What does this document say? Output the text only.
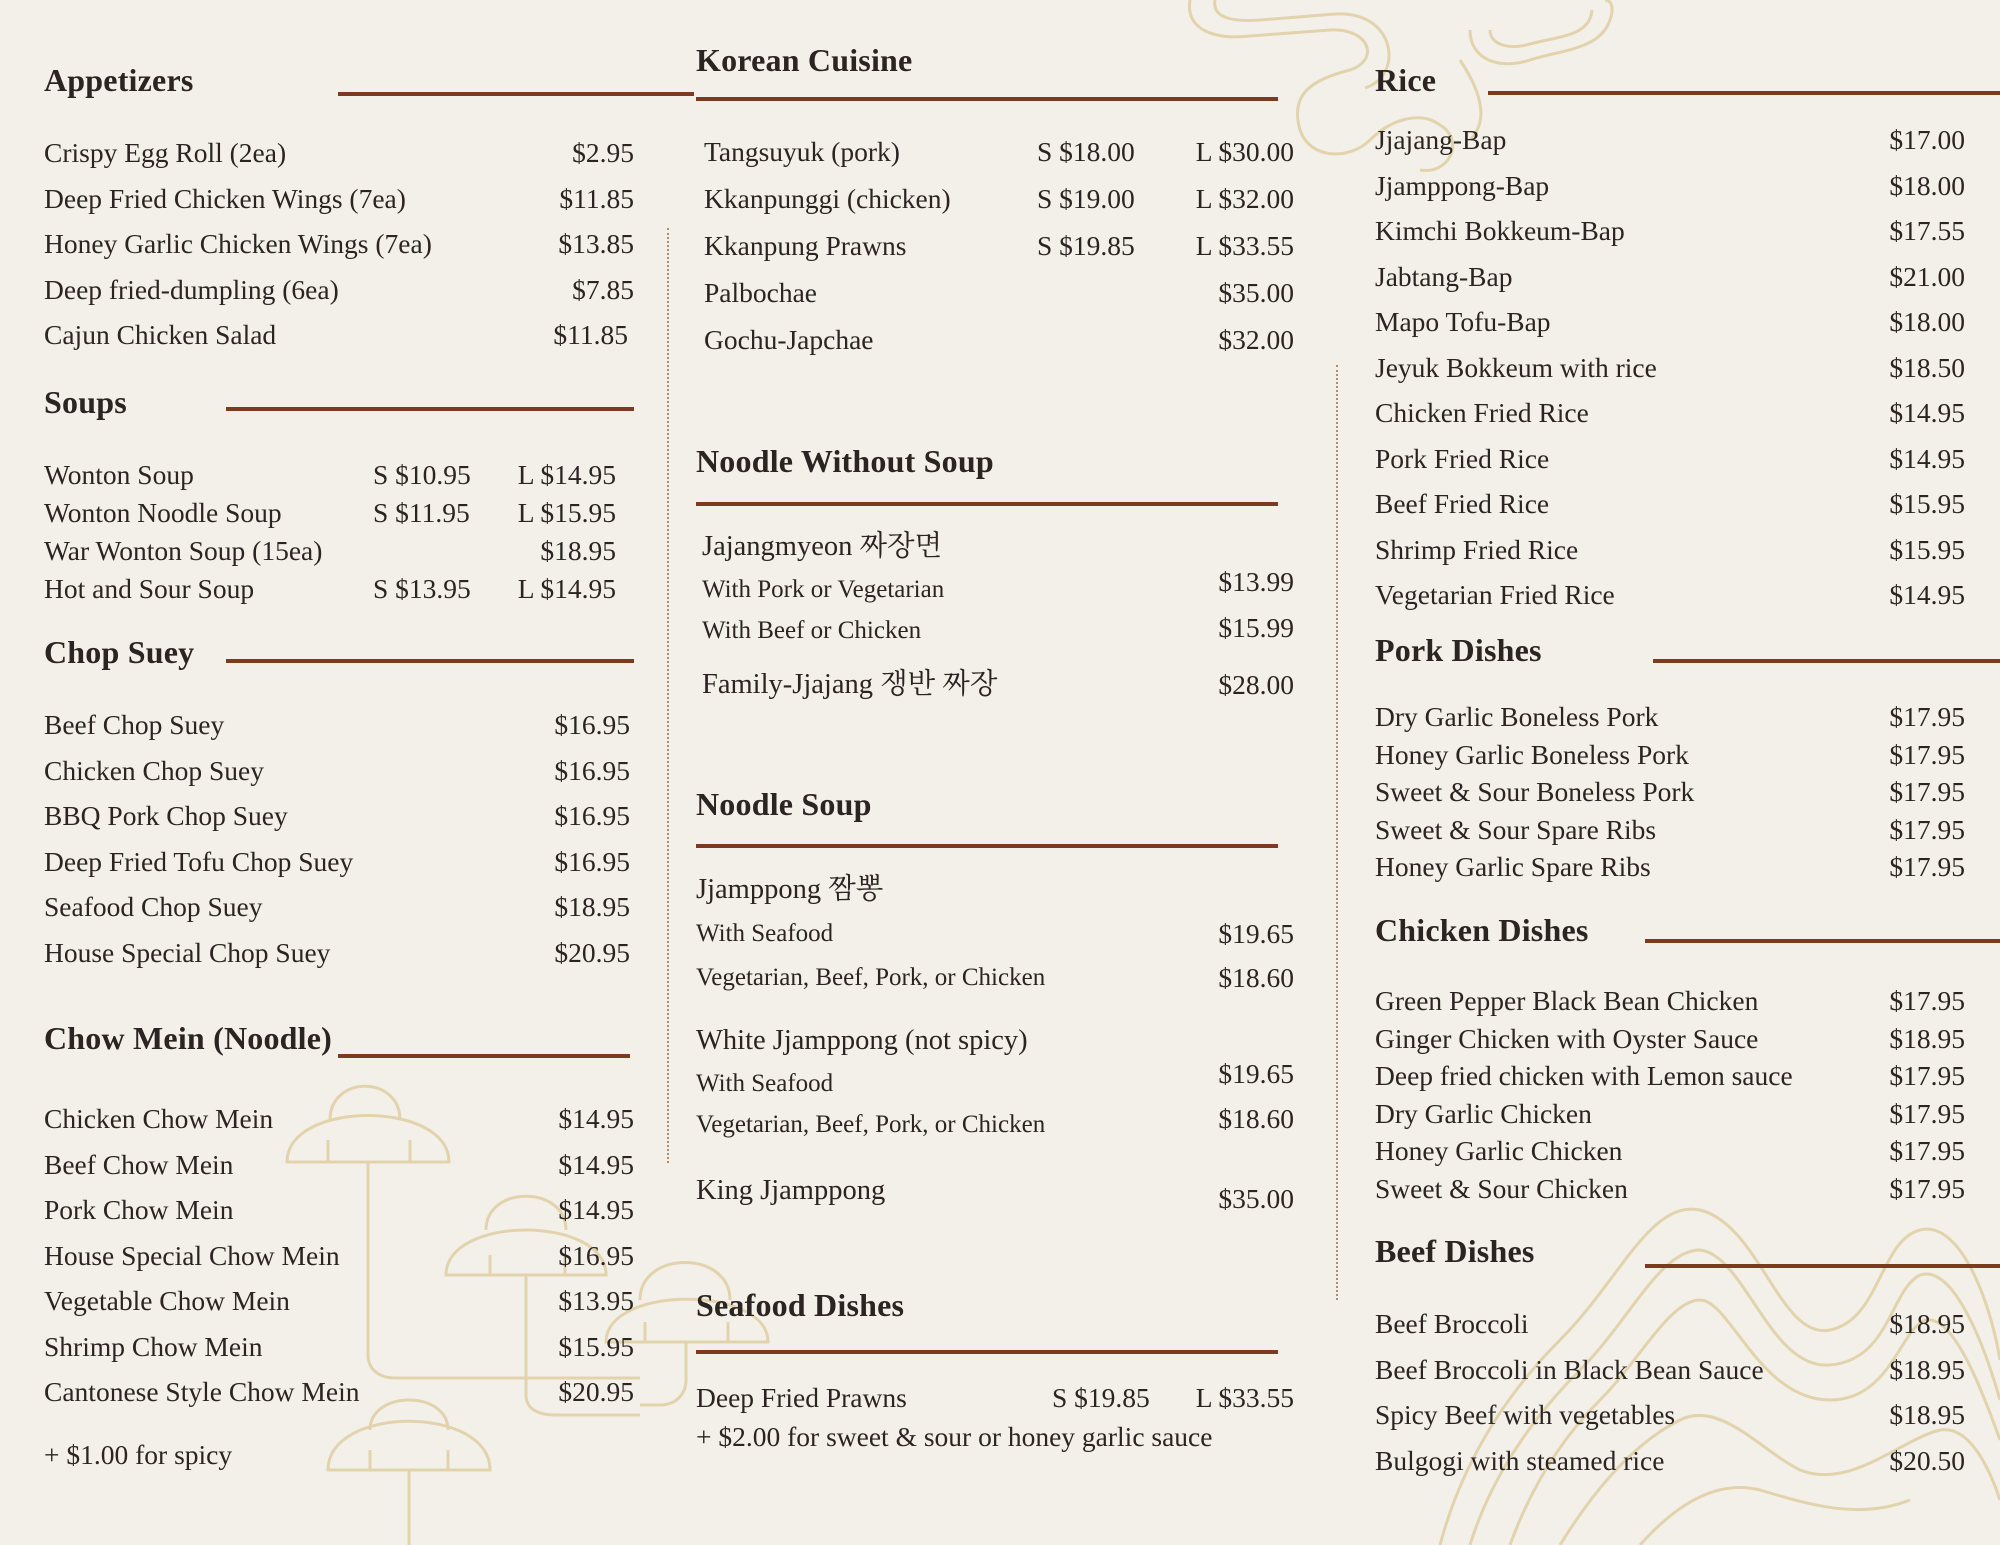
Appetizers
Crispy Egg Roll (2ea)	$2.95
Deep Fried Chicken Wings (7ea)	$11.85
Honey Garlic Chicken Wings (7ea)	$13.85
Deep fried-dumpling (6ea)	$7.85
Cajun Chicken Salad	$11.85
Soups
Wonton Soup	S $10.95 L $14.95
Wonton Noodle Soup	S $11.95 L $15.95
War Wonton Soup (15ea)	$18.95
Hot and Sour Soup	S $13.95 L $14.95
Chop Suey
Beef Chop Suey	$16.95
Chicken Chop Suey	$16.95
BBQ Pork Chop Suey	$16.95
Deep Fried Tofu Chop Suey	$16.95
Seafood Chop Suey	$18.95
House Special Chop Suey	$20.95
Chow Mein (Noodle)
Chicken Chow Mein	$14.95
Beef Chow Mein	$14.95
Pork Chow Mein	$14.95
House Special Chow Mein	$16.95
Vegetable Chow Mein	$13.95
Shrimp Chow Mein	$15.95
Cantonese Style Chow Mein	$20.95
+ $1.00 for spicy
Korean Cuisine
Tangsuyuk (pork)	S $18.00 L $30.00
Kkanpunggi (chicken)	S $19.00 L $32.00
Kkanpung Prawns	S $19.85 L $33.55
Palbochae	$35.00
Gochu-Japchae	$32.00
Noodle Without Soup
Jajangmyeon 짜장면
With Pork or Vegetarian	$13.99
With Beef or Chicken	$15.99
Family-Jjajang 쟁반 짜장	$28.00
Noodle Soup
Jjamppong 짬뽕
With Seafood	$19.65
Vegetarian, Beef, Pork, or Chicken	$18.60
White Jjamppong (not spicy)
With Seafood	$19.65
Vegetarian, Beef, Pork, or Chicken	$18.60
King Jjamppong	$35.00
Seafood Dishes
Deep Fried Prawns	S $19.85 L $33.55
+ $2.00 for sweet & sour or honey garlic sauce
Rice
Jjajang-Bap	$17.00
Jjamppong-Bap	$18.00
Kimchi Bokkeum-Bap	$17.55
Jabtang-Bap	$21.00
Mapo Tofu-Bap	$18.00
Jeyuk Bokkeum with rice	$18.50
Chicken Fried Rice	$14.95
Pork Fried Rice	$14.95
Beef Fried Rice	$15.95
Shrimp Fried Rice	$15.95
Vegetarian Fried Rice	$14.95
Pork Dishes
Dry Garlic Boneless Pork	$17.95
Honey Garlic Boneless Pork	$17.95
Sweet & Sour Boneless Pork	$17.95
Sweet & Sour Spare Ribs	$17.95
Honey Garlic Spare Ribs	$17.95
Chicken Dishes
Green Pepper Black Bean Chicken	$17.95
Ginger Chicken with Oyster Sauce	$18.95
Deep fried chicken with Lemon sauce	$17.95
Dry Garlic Chicken	$17.95
Honey Garlic Chicken	$17.95
Sweet & Sour Chicken	$17.95
Beef Dishes
Beef Broccoli	$18.95
Beef Broccoli in Black Bean Sauce	$18.95
Spicy Beef with vegetables	$18.95
Bulgogi with steamed rice	$20.50
